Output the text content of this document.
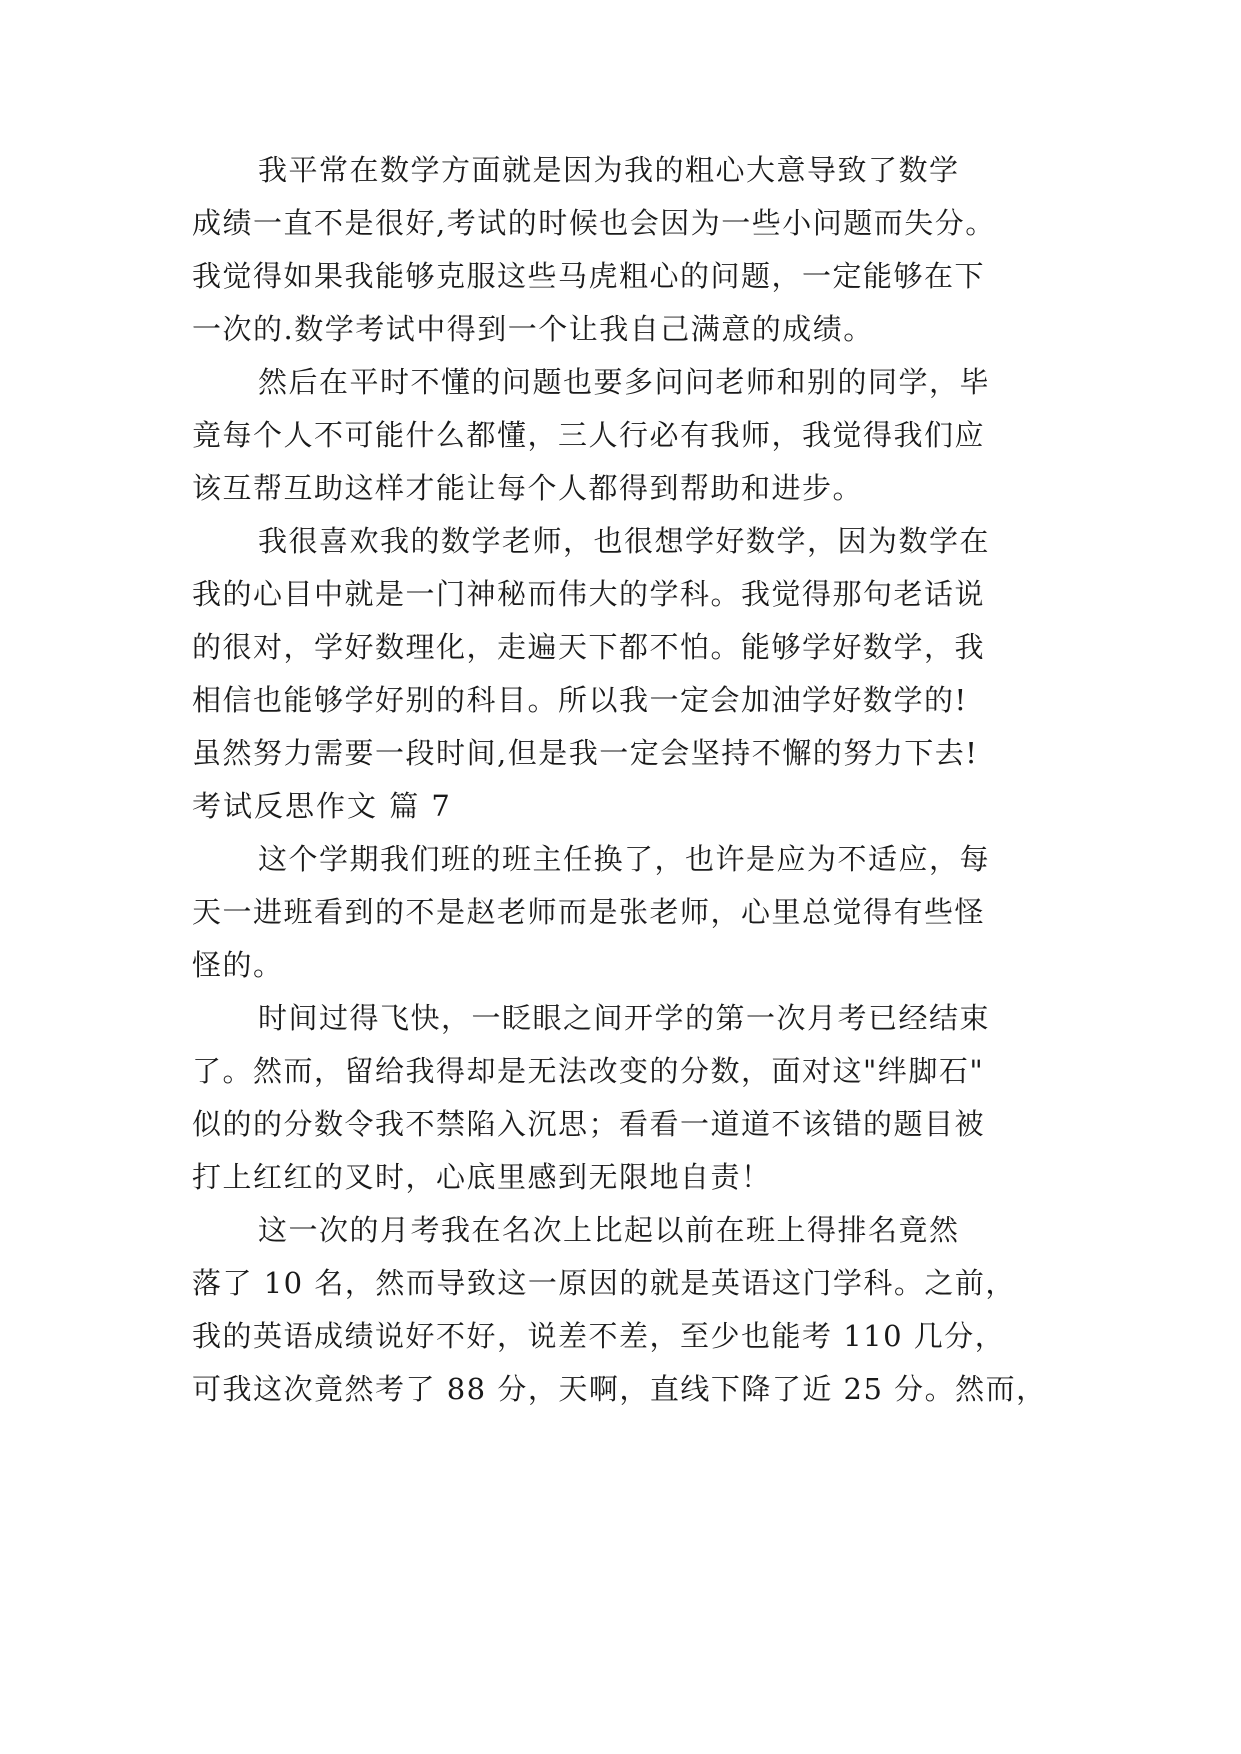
我平常在数学方面就是因为我的粗心大意导致了数学
成绩一直不是很好,考试的时候也会因为一些小问题而失分。
我觉得如果我能够克服这些马虎粗心的问题，一定能够在下
一次的.数学考试中得到一个让我自己满意的成绩。
然后在平时不懂的问题也要多问问老师和别的同学，毕
竟每个人不可能什么都懂，三人行必有我师，我觉得我们应
该互帮互助这样才能让每个人都得到帮助和进步。
我很喜欢我的数学老师，也很想学好数学，因为数学在
我的心目中就是一门神秘而伟大的学科。我觉得那句老话说
的很对，学好数理化，走遍天下都不怕。能够学好数学，我
相信也能够学好别的科目。所以我一定会加油学好数学的!
虽然努力需要一段时间,但是我一定会坚持不懈的努力下去!
考试反思作文 篇 7
这个学期我们班的班主任换了，也许是应为不适应，每
天一进班看到的不是赵老师而是张老师，心里总觉得有些怪
怪的。
时间过得飞快，一眨眼之间开学的第一次月考已经结束
了。然而，留给我得却是无法改变的分数，面对这"绊脚石"
似的的分数令我不禁陷入沉思；看看一道道不该错的题目被
打上红红的叉时，心底里感到无限地自责！
这一次的月考我在名次上比起以前在班上得排名竟然
落了 10 名，然而导致这一原因的就是英语这门学科。之前，
我的英语成绩说好不好，说差不差，至少也能考 110 几分，
可我这次竟然考了 88 分，天啊，直线下降了近 25 分。然而，
